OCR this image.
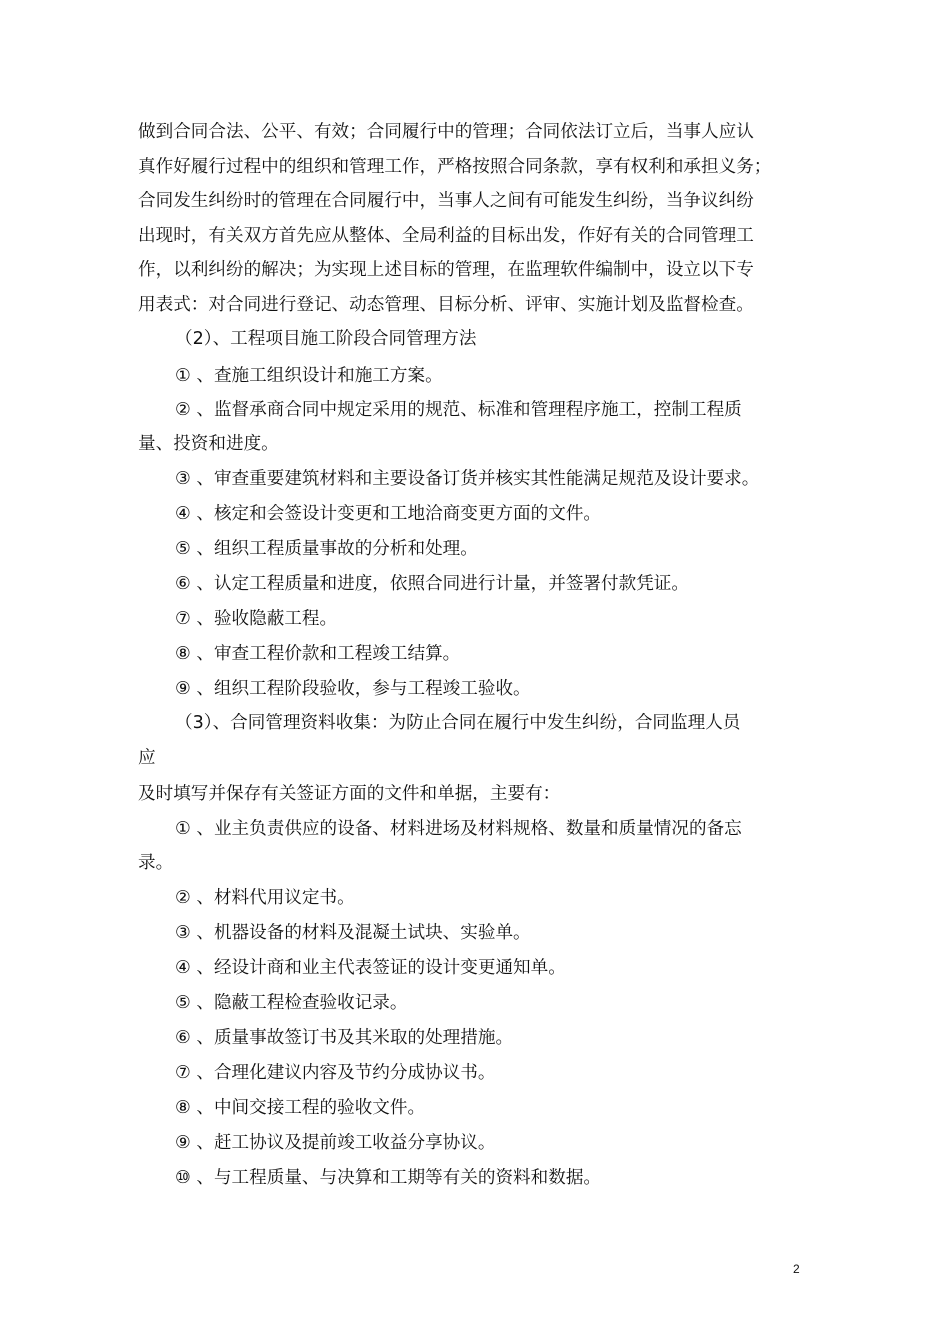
做到合同合法、公平、有效；合同履行中的管理；合同依法订立后，当事人应认
真作好履行过程中的组织和管理工作，严格按照合同条款，享有权利和承担义务；
合同发生纠纷时的管理在合同履行中，当事人之间有可能发生纠纷，当争议纠纷
出现时，有关双方首先应从整体、全局利益的目标出发，作好有关的合同管理工
作，以利纠纷的解决；为实现上述目标的管理，在监理软件编制中，设立以下专
用表式：对合同进行登记、动态管理、目标分析、评审、实施计划及监督检查。
（2）、工程项目施工阶段合同管理方法
① 、查施工组织设计和施工方案。
② 、监督承商合同中规定采用的规范、标准和管理程序施工，控制工程质
量、投资和进度。
③ 、审查重要建筑材料和主要设备订货并核实其性能满足规范及设计要求。
④ 、核定和会签设计变更和工地洽商变更方面的文件。
⑤ 、组织工程质量事故的分析和处理。
⑥ 、认定工程质量和进度，依照合同进行计量，并签署付款凭证。
⑦ 、验收隐蔽工程。
⑧ 、审查工程价款和工程竣工结算。
⑨ 、组织工程阶段验收，参与工程竣工验收。
（3）、合同管理资料收集：为防止合同在履行中发生纠纷，合同监理人员
应
及时填写并保存有关签证方面的文件和单据，主要有：
① 、业主负责供应的设备、材料进场及材料规格、数量和质量情况的备忘
录。
② 、材料代用议定书。
③ 、机器设备的材料及混凝土试块、实验单。
④ 、经设计商和业主代表签证的设计变更通知单。
⑤ 、隐蔽工程检查验收记录。
⑥ 、质量事故签订书及其米取的处理措施。
⑦ 、合理化建议内容及节约分成协议书。
⑧ 、中间交接工程的验收文件。
⑨ 、赶工协议及提前竣工收益分享协议。
⑩ 、与工程质量、与决算和工期等有关的资料和数据。
2
